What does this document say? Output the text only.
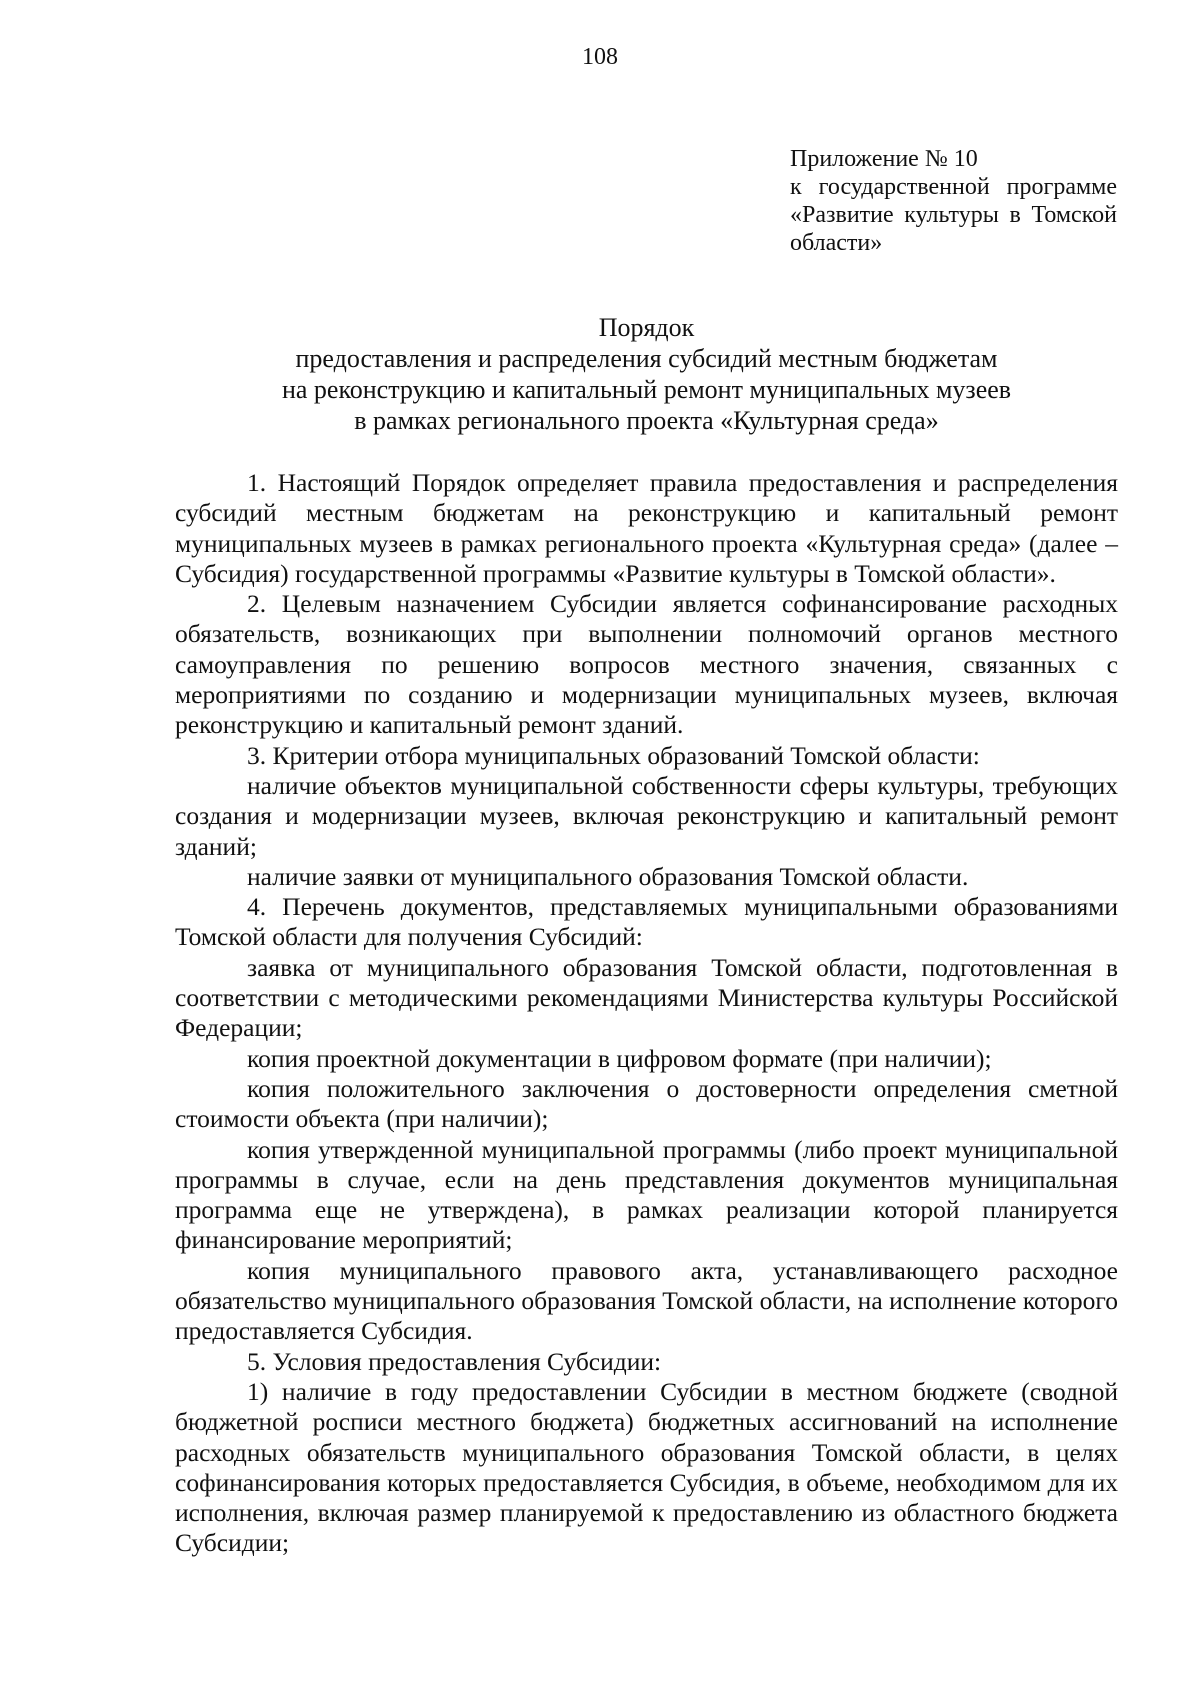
108
Приложение № 10
к государственной программе
«Развитие культуры в Томской
области»
Порядок
предоставления и распределения субсидий местным бюджетам
на реконструкцию и капитальный ремонт муниципальных музеев
в рамках регионального проекта «Культурная среда»

1. Настоящий Порядок определяет правила предоставления и распределения субсидий местным бюджетам на реконструкцию и капитальный ремонт муниципальных музеев в рамках регионального проекта «Культурная среда» (далее – Субсидия) государственной программы «Развитие культуры в Томской области».

2. Целевым назначением Субсидии является софинансирование расходных обязательств, возникающих при выполнении полномочий органов местного самоуправления по решению вопросов местного значения, связанных с мероприятиями по созданию и модернизации муниципальных музеев, включая реконструкцию и капитальный ремонт зданий.

3. Критерии отбора муниципальных образований Томской области:

наличие объектов муниципальной собственности сферы культуры, требующих создания и модернизации музеев, включая реконструкцию и капитальный ремонт зданий;

наличие заявки от муниципального образования Томской области.

4. Перечень документов, представляемых муниципальными образованиями Томской области для получения Субсидий:

заявка от муниципального образования Томской области, подготовленная в соответствии с методическими рекомендациями Министерства культуры Российской Федерации;

копия проектной документации в цифровом формате (при наличии);

копия положительного заключения о достоверности определения сметной стоимости объекта (при наличии);

копия утвержденной муниципальной программы (либо проект муниципальной программы в случае, если на день представления документов муниципальная программа еще не утверждена), в рамках реализации которой планируется финансирование мероприятий;

копия муниципального правового акта, устанавливающего расходное обязательство муниципального образования Томской области, на исполнение которого предоставляется Субсидия.

5. Условия предоставления Субсидии:

1) наличие в году предоставлении Субсидии в местном бюджете (сводной бюджетной росписи местного бюджета) бюджетных ассигнований на исполнение расходных обязательств муниципального образования Томской области, в целях софинансирования которых предоставляется Субсидия, в объеме, необходимом для их исполнения, включая размер планируемой к предоставлению из областного бюджета Субсидии;
